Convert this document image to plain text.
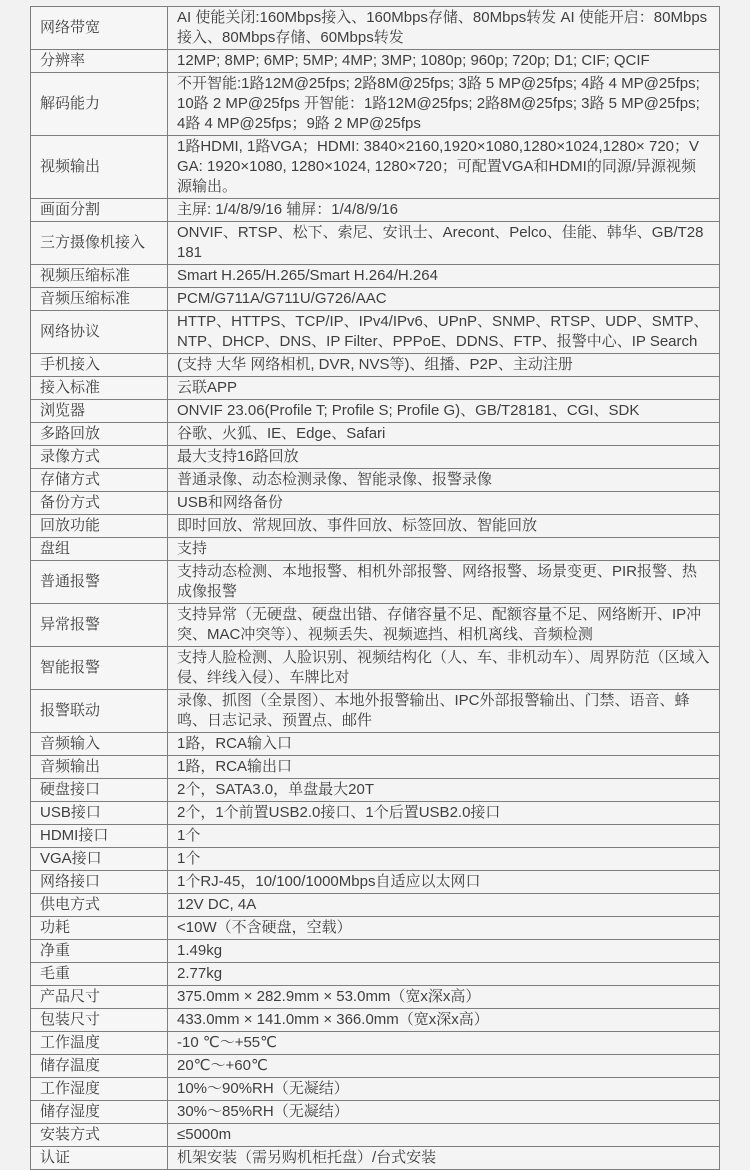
网络带宽	AI 使能关闭:160Mbps接入、160Mbps存储、80Mbps转发 AI 使能开启：80Mbps接入、80Mbps存储、60Mbps转发
分辨率	12MP; 8MP; 6MP; 5MP; 4MP; 3MP; 1080p; 960p; 720p; D1; CIF; QCIF
解码能力	不开智能:1路12M@25fps; 2路8M@25fps; 3路 5 MP@25fps; 4路 4 MP@25fps; 10路 2 MP@25fps 开智能：1路12M@25fps; 2路8M@25fps; 3路 5 MP@25fps; 4路 4 MP@25fps；9路 2 MP@25fps
视频输出	1路HDMI, 1路VGA；HDMI: 3840×2160,1920×1080,1280×1024,1280× 720；VGA: 1920×1080, 1280×1024, 1280×720；可配置VGA和HDMI的同源/异源视频源输出。
画面分割	主屏: 1/4/8/9/16 辅屏：1/4/8/9/16
三方摄像机接入	ONVIF、RTSP、松下、索尼、安讯士、Arecont、Pelco、佳能、韩华、GB/T28181
视频压缩标准	Smart H.265/H.265/Smart H.264/H.264
音频压缩标准	PCM/G711A/G711U/G726/AAC
网络协议	HTTP、HTTPS、TCP/IP、IPv4/IPv6、UPnP、SNMP、RTSP、UDP、SMTP、NTP、DHCP、DNS、IP Filter、PPPoE、DDNS、FTP、报警中心、IP Search
手机接入	(支持 大华 网络相机, DVR, NVS等)、组播、P2P、主动注册
接入标准	云联APP
浏览器	ONVIF 23.06(Profile T; Profile S; Profile G)、GB/T28181、CGI、SDK
多路回放	谷歌、火狐、IE、Edge、Safari
录像方式	最大支持16路回放
存储方式	普通录像、动态检测录像、智能录像、报警录像
备份方式	USB和网络备份
回放功能	即时回放、常规回放、事件回放、标签回放、智能回放
盘组	支持
普通报警	支持动态检测、本地报警、相机外部报警、网络报警、场景变更、PIR报警、热成像报警
异常报警	支持异常（无硬盘、硬盘出错、存储容量不足、配额容量不足、网络断开、IP冲突、MAC冲突等）、视频丢失、视频遮挡、相机离线、音频检测
智能报警	支持人脸检测、人脸识别、视频结构化（人、车、非机动车）、周界防范（区域入侵、绊线入侵）、车牌比对
报警联动	录像、抓图（全景图）、本地外报警输出、IPC外部报警输出、门禁、语音、蜂鸣、日志记录、预置点、邮件
音频输入	1路，RCA输入口
音频输出	1路，RCA输出口
硬盘接口	2个，SATA3.0，单盘最大20T
USB接口	2个，1个前置USB2.0接口、1个后置USB2.0接口
HDMI接口	1个
VGA接口	1个
网络接口	1个RJ-45，10/100/1000Mbps自适应以太网口
供电方式	12V DC, 4A
功耗	<10W（不含硬盘，空载）
净重	1.49kg
毛重	2.77kg
产品尺寸	375.0mm × 282.9mm × 53.0mm（宽x深x高）
包装尺寸	433.0mm × 141.0mm × 366.0mm（宽x深x高）
工作温度	-10 ℃～+55℃
储存温度	20℃～+60℃
工作湿度	10%～90%RH（无凝结）
储存湿度	30%～85%RH（无凝结）
安装方式	≤5000m
认证	机架安装（需另购机柜托盘）/台式安装
